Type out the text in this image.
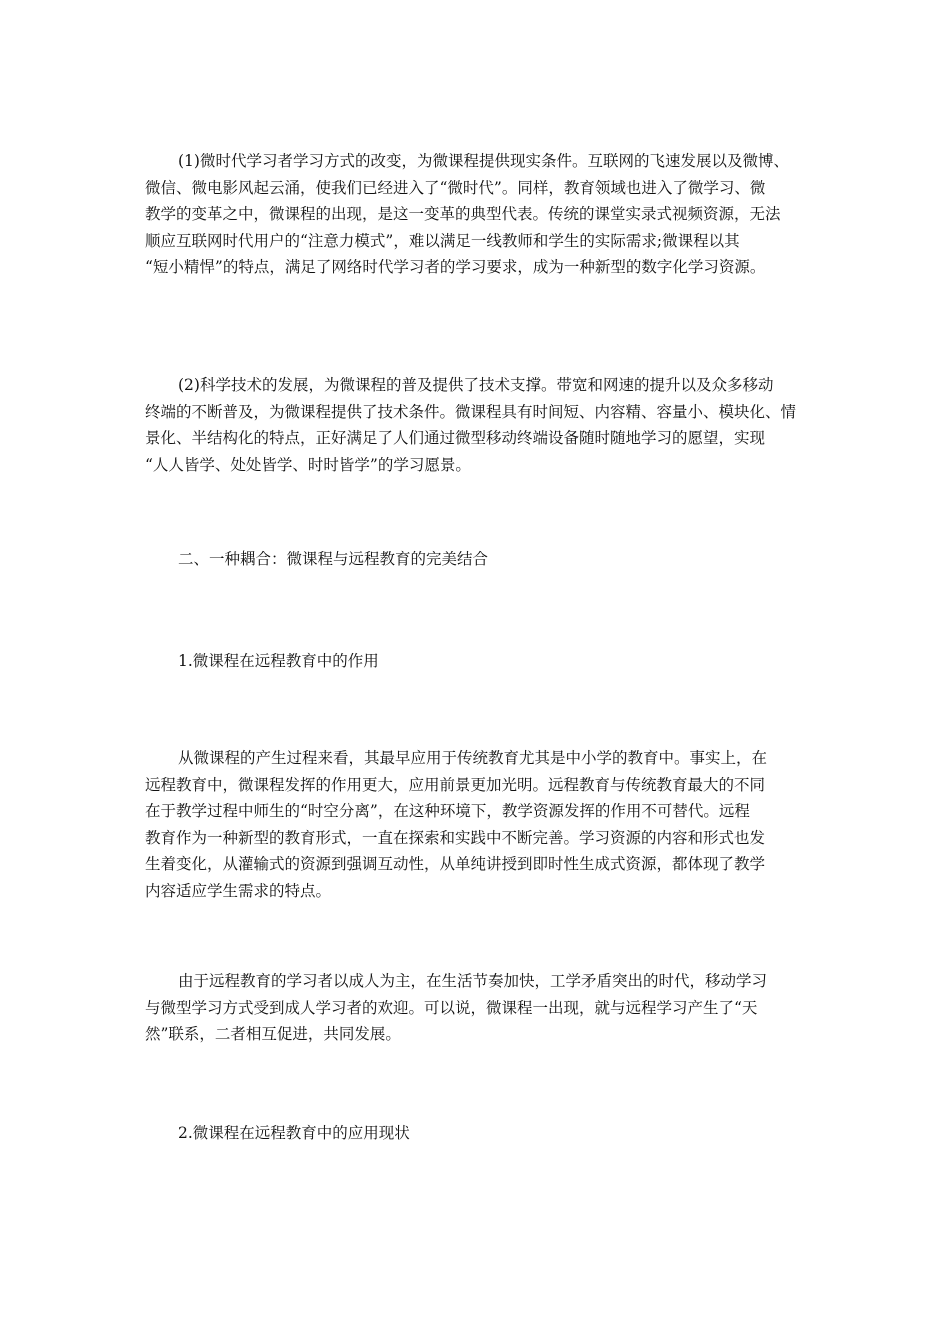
(1)微时代学习者学习方式的改变，为微课程提供现实条件。互联网的飞速发展以及微博、
微信、微电影风起云涌，使我们已经进入了“微时代”。同样，教育领域也进入了微学习、微
教学的变革之中，微课程的出现，是这一变革的典型代表。传统的课堂实录式视频资源，无法
顺应互联网时代用户的“注意力模式”，难以满足一线教师和学生的实际需求;微课程以其
“短小精悍”的特点，满足了网络时代学习者的学习要求，成为一种新型的数字化学习资源。
(2)科学技术的发展，为微课程的普及提供了技术支撑。带宽和网速的提升以及众多移动
终端的不断普及，为微课程提供了技术条件。微课程具有时间短、内容精、容量小、模块化、情
景化、半结构化的特点，正好满足了人们通过微型移动终端设备随时随地学习的愿望，实现
“人人皆学、处处皆学、时时皆学”的学习愿景。
二、一种耦合：微课程与远程教育的完美结合
1.微课程在远程教育中的作用
从微课程的产生过程来看，其最早应用于传统教育尤其是中小学的教育中。事实上，在
远程教育中，微课程发挥的作用更大，应用前景更加光明。远程教育与传统教育最大的不同
在于教学过程中师生的“时空分离”，在这种环境下，教学资源发挥的作用不可替代。远程
教育作为一种新型的教育形式，一直在探索和实践中不断完善。学习资源的内容和形式也发
生着变化，从灌输式的资源到强调互动性，从单纯讲授到即时性生成式资源，都体现了教学
内容适应学生需求的特点。
由于远程教育的学习者以成人为主，在生活节奏加快，工学矛盾突出的时代，移动学习
与微型学习方式受到成人学习者的欢迎。可以说，微课程一出现，就与远程学习产生了“天
然”联系，二者相互促进，共同发展。
2.微课程在远程教育中的应用现状
